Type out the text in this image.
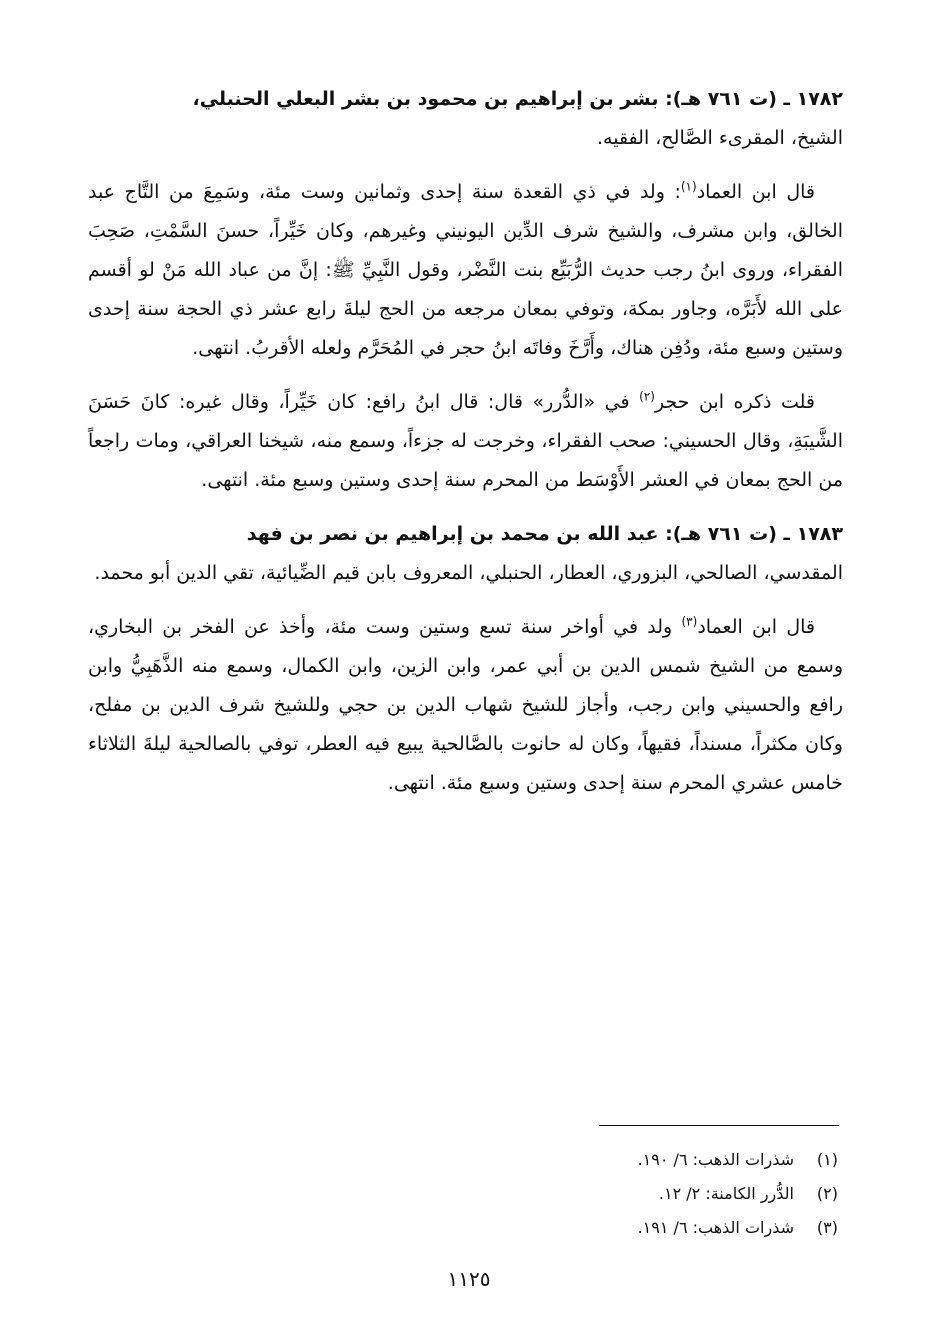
١٧٨٢ ـ (ت ٧٦١ هـ): بشر بن إبراهيم بن محمود بن بشر البعلي الحنبلي،
الشيخ، المقرىء الصَّالح، الفقيه.

قال ابن العماد$^{(١)}$: ولد في ذي القعدة سنة إحدى وثمانين وست مئة، وسَمِعَ من التَّاج عبد الخالق، وابن مشرف، والشيخ شرف الدِّين اليونيني وغيرهم، وكان خَيِّراً، حسنَ السَّمْتِ، صَحِبَ الفقراء، وروى ابنُ رجب حديث الرُّبَيِّع بنت النَّضْر، وقول النَّبِيِّ ﷺ: إنَّ من عباد الله مَنْ لو أقسم على الله لأَبَرَّه، وجاور بمكة، وتوفي بمعان مرجعه من الحج ليلةَ رابع عشر ذي الحجة سنة إحدى وستين وسبع مئة، ودُفِن هناك، وأَرَّخَ وفاتَه ابنُ حجر في المُحَرَّم ولعله الأقربُ. انتهى.

قلت ذكره ابن حجر$^{(٢)}$ في «الدُّرر» قال: قال ابنُ رافع: كان خَيِّراً، وقال غيره: كانَ حَسَنَ الشَّيبَةِ، وقال الحسيني: صحب الفقراء، وخرجت له جزءاً، وسمع منه، شيخنا العراقي، ومات راجعاً من الحج بمعان في العشر الأَوْسَط من المحرم سنة إحدى وستين وسبع مئة. انتهى.

١٧٨٣ ـ (ت ٧٦١ هـ): عبد الله بن محمد بن إبراهيم بن نصر بن فهد
المقدسي، الصالحي، البزوري، العطار، الحنبلي، المعروف بابن قيم الضِّيائية، تقي الدين أبو محمد.

قال ابن العماد$^{(٣)}$ ولد في أواخر سنة تسع وستين وست مئة، وأخذ عن الفخر بن البخاري، وسمع من الشيخ شمس الدين بن أبي عمر، وابن الزين، وابن الكمال، وسمع منه الذَّهَبِيُّ وابن رافع والحسيني وابن رجب، وأجاز للشيخ شهاب الدين بن حجي وللشيخ شرف الدين بن مفلح، وكان مكثراً، مسنداً، فقيهاً، وكان له حانوت بالصَّالحية يبيع فيه العطر، توفي بالصالحية ليلةَ الثلاثاء خامس عشري المحرم سنة إحدى وستين وسبع مئة. انتهى.

(١)
شذرات الذهب: ٦/ ١٩٠.
(٢)
الدُّرر الكامنة: ٢/ ١٢.
(٣)
شذرات الذهب: ٦/ ١٩١.
١١٢٥
